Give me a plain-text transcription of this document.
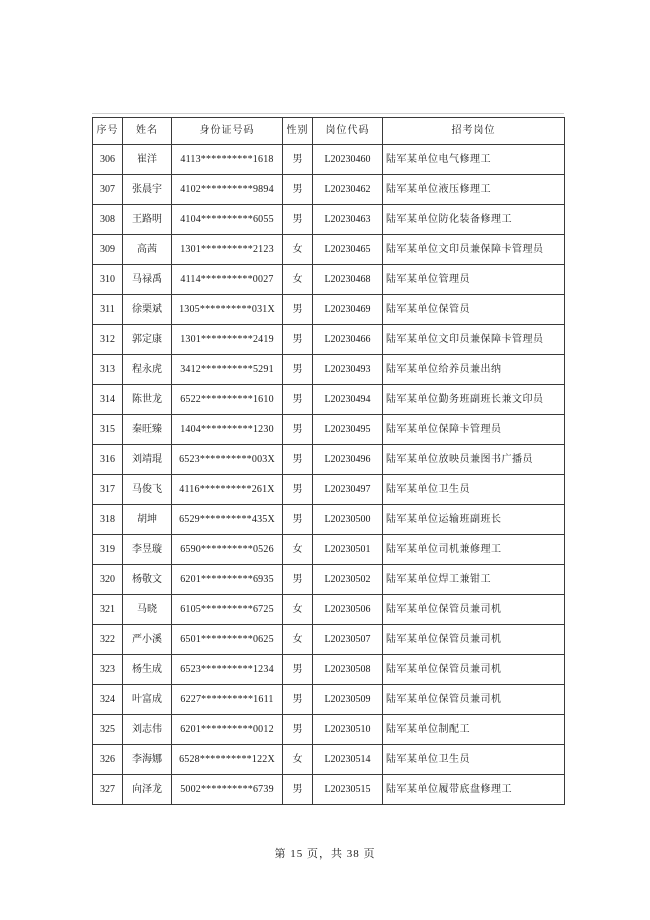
序号	姓名	身份证号码	性别	岗位代码	招考岗位
306	崔洋	4113**********1618	男	L20230460	陆军某单位电气修理工
307	张晨宇	4102**********9894	男	L20230462	陆军某单位液压修理工
308	王路明	4104**********6055	男	L20230463	陆军某单位防化装备修理工
309	高茜	1301**********2123	女	L20230465	陆军某单位文印员兼保障卡管理员
310	马禄禹	4114**********0027	女	L20230468	陆军某单位管理员
311	徐栗斌	1305**********031X	男	L20230469	陆军某单位保管员
312	郭定康	1301**********2419	男	L20230466	陆军某单位文印员兼保障卡管理员
313	程永虎	3412**********5291	男	L20230493	陆军某单位给养员兼出纳
314	陈世龙	6522**********1610	男	L20230494	陆军某单位勤务班副班长兼文印员
315	秦旺臻	1404**********1230	男	L20230495	陆军某单位保障卡管理员
316	刘靖琨	6523**********003X	男	L20230496	陆军某单位放映员兼图书广播员
317	马俊飞	4116**********261X	男	L20230497	陆军某单位卫生员
318	胡坤	6529**********435X	男	L20230500	陆军某单位运输班副班长
319	李昱璇	6590**********0526	女	L20230501	陆军某单位司机兼修理工
320	杨敬文	6201**********6935	男	L20230502	陆军某单位焊工兼钳工
321	马晓	6105**********6725	女	L20230506	陆军某单位保管员兼司机
322	严小溪	6501**********0625	女	L20230507	陆军某单位保管员兼司机
323	杨生成	6523**********1234	男	L20230508	陆军某单位保管员兼司机
324	叶富成	6227**********1611	男	L20230509	陆军某单位保管员兼司机
325	刘志伟	6201**********0012	男	L20230510	陆军某单位制配工
326	李海娜	6528**********122X	女	L20230514	陆军某单位卫生员
327	向泽龙	5002**********6739	男	L20230515	陆军某单位履带底盘修理工
第 15 页，共 38 页
